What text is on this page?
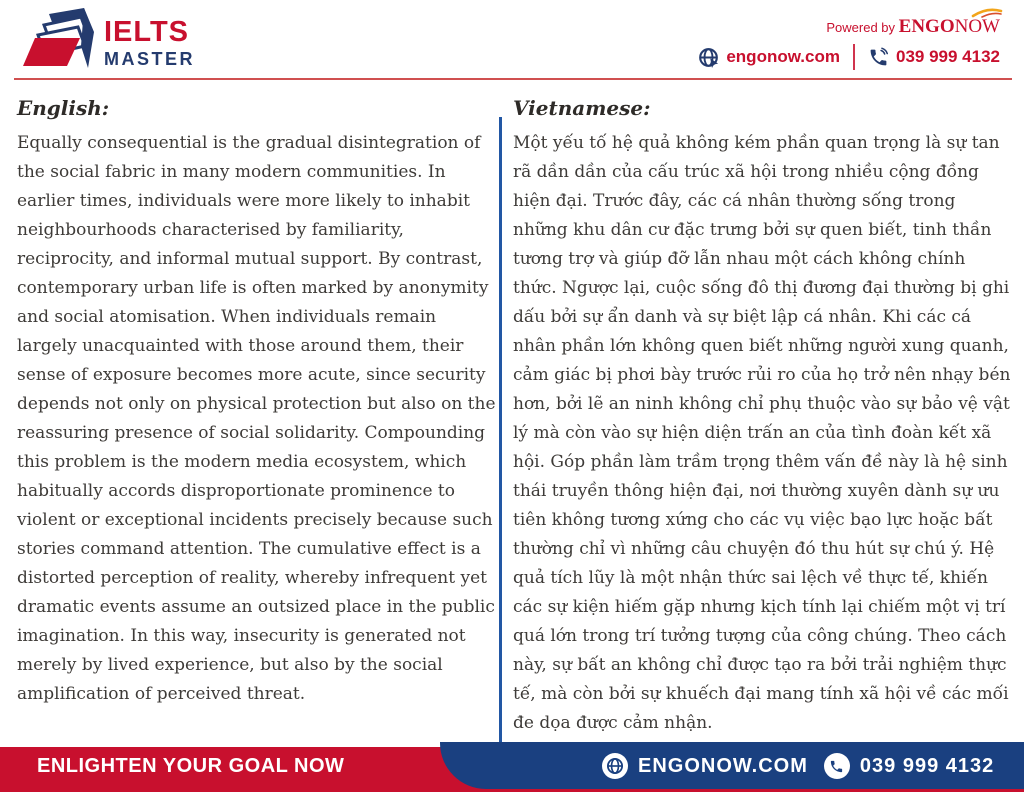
IELTS
MASTER
Powered by ENGONOW
engonow.com	039 999 4132
English:
Equally consequential is the gradual disintegration of the social fabric in many modern communities. In earlier times, individuals were more likely to inhabit neighbourhoods characterised by familiarity, reciprocity, and informal mutual support. By contrast, contemporary urban life is often marked by anonymity and social atomisation. When individuals remain largely unacquainted with those around them, their sense of exposure becomes more acute, since security depends not only on physical protection but also on the reassuring presence of social solidarity. Compounding this problem is the modern media ecosystem, which habitually accords disproportionate prominence to violent or exceptional incidents precisely because such stories command attention. The cumulative effect is a distorted perception of reality, whereby infrequent yet dramatic events assume an outsized place in the public imagination. In this way, insecurity is generated not merely by lived experience, but also by the social amplification of perceived threat.
Vietnamese:
Một yếu tố hệ quả không kém phần quan trọng là sự tan rã dần dần của cấu trúc xã hội trong nhiều cộng đồng hiện đại. Trước đây, các cá nhân thường sống trong những khu dân cư đặc trưng bởi sự quen biết, tinh thần tương trợ và giúp đỡ lẫn nhau một cách không chính thức. Ngược lại, cuộc sống đô thị đương đại thường bị ghi dấu bởi sự ẩn danh và sự biệt lập cá nhân. Khi các cá nhân phần lớn không quen biết những người xung quanh, cảm giác bị phơi bày trước rủi ro của họ trở nên nhạy bén hơn, bởi lẽ an ninh không chỉ phụ thuộc vào sự bảo vệ vật lý mà còn vào sự hiện diện trấn an của tình đoàn kết xã hội. Góp phần làm trầm trọng thêm vấn đề này là hệ sinh thái truyền thông hiện đại, nơi thường xuyên dành sự ưu tiên không tương xứng cho các vụ việc bạo lực hoặc bất thường chỉ vì những câu chuyện đó thu hút sự chú ý. Hệ quả tích lũy là một nhận thức sai lệch về thực tế, khiến các sự kiện hiếm gặp nhưng kịch tính lại chiếm một vị trí quá lớn trong trí tưởng tượng của công chúng. Theo cách này, sự bất an không chỉ được tạo ra bởi trải nghiệm thực tế, mà còn bởi sự khuếch đại mang tính xã hội về các mối đe dọa được cảm nhận.
ENLIGHTEN YOUR GOAL NOW	ENGONOW.COM	039 999 4132
